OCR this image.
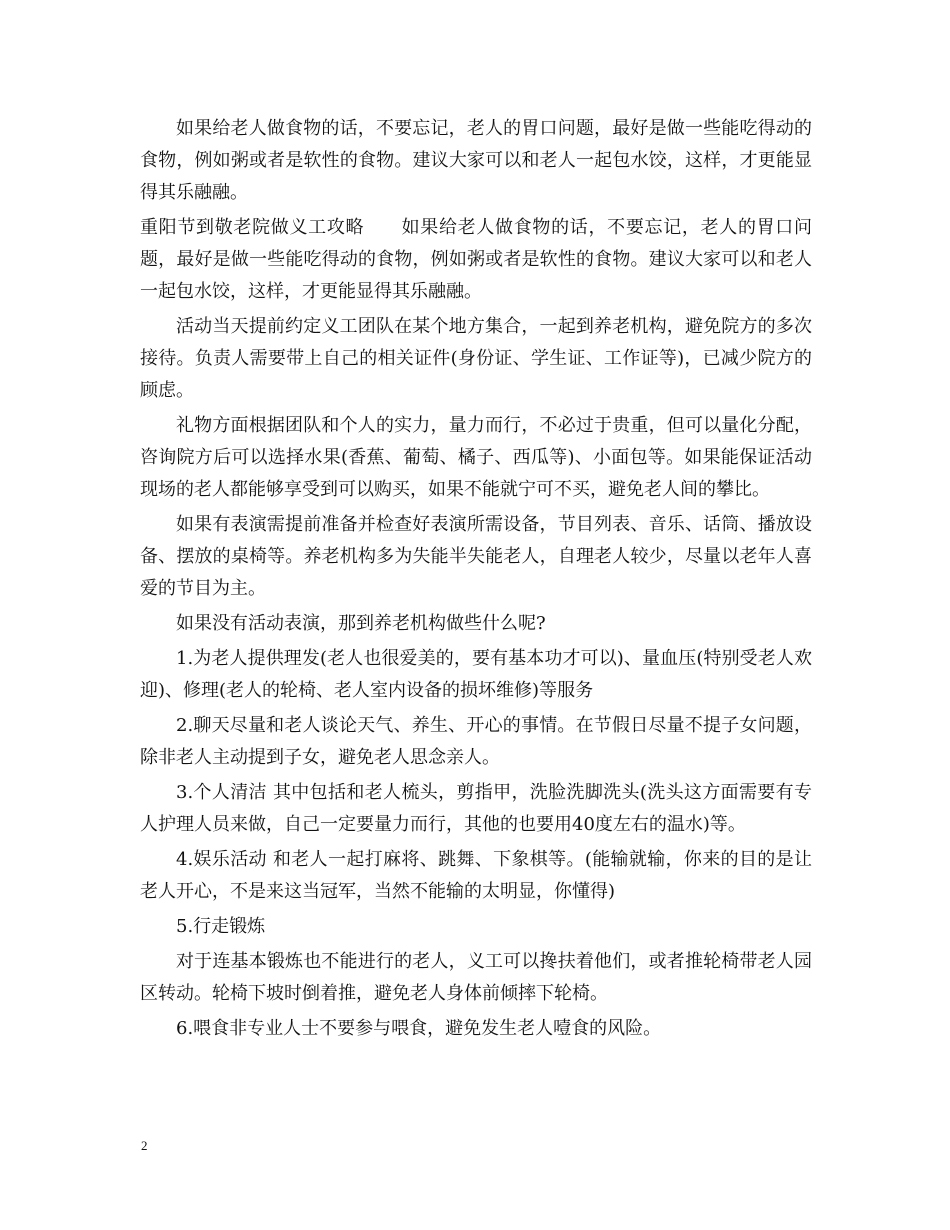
如果给老人做食物的话，不要忘记，老人的胃口问题，最好是做一些能吃得动的食物，例如粥或者是软性的食物。建议大家可以和老人一起包水饺，这样，才更能显得其乐融融。

重阳节到敬老院做义工攻略　　如果给老人做食物的话，不要忘记，老人的胃口问题，最好是做一些能吃得动的食物，例如粥或者是软性的食物。建议大家可以和老人一起包水饺，这样，才更能显得其乐融融。

活动当天提前约定义工团队在某个地方集合，一起到养老机构，避免院方的多次接待。负责人需要带上自己的相关证件(身份证、学生证、工作证等)，已减少院方的顾虑。

礼物方面根据团队和个人的实力，量力而行，不必过于贵重，但可以量化分配，咨询院方后可以选择水果(香蕉、葡萄、橘子、西瓜等)、小面包等。如果能保证活动现场的老人都能够享受到可以购买，如果不能就宁可不买，避免老人间的攀比。

如果有表演需提前准备并检查好表演所需设备，节目列表、音乐、话筒、播放设备、摆放的桌椅等。养老机构多为失能半失能老人，自理老人较少，尽量以老年人喜爱的节目为主。

如果没有活动表演，那到养老机构做些什么呢?

1.为老人提供理发(老人也很爱美的，要有基本功才可以)、量血压(特别受老人欢迎)、修理(老人的轮椅、老人室内设备的损坏维修)等服务

2.聊天尽量和老人谈论天气、养生、开心的事情。在节假日尽量不提子女问题，除非老人主动提到子女，避免老人思念亲人。

3.个人清洁 其中包括和老人梳头，剪指甲，洗脸洗脚洗头(洗头这方面需要有专人护理人员来做，自己一定要量力而行，其他的也要用40度左右的温水)等。

4.娱乐活动 和老人一起打麻将、跳舞、下象棋等。(能输就输，你来的目的是让老人开心，不是来这当冠军，当然不能输的太明显，你懂得)

5.行走锻炼

对于连基本锻炼也不能进行的老人，义工可以搀扶着他们，或者推轮椅带老人园区转动。轮椅下坡时倒着推，避免老人身体前倾摔下轮椅。

6.喂食非专业人士不要参与喂食，避免发生老人噎食的风险。

2
